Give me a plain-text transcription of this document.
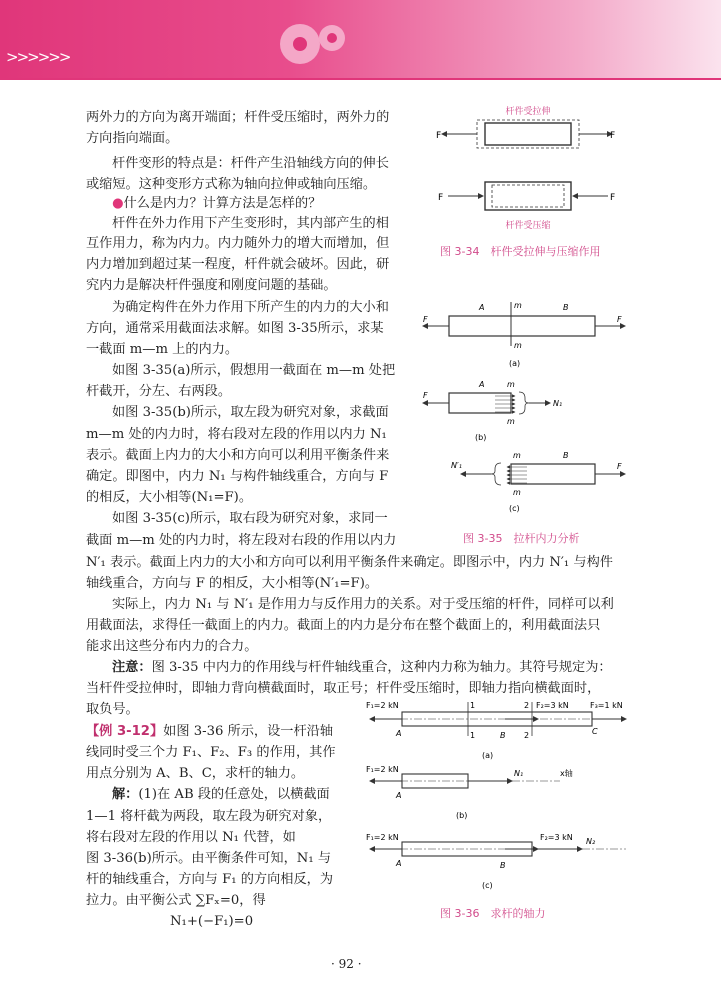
>>>>>>
两外力的方向为离开端面；杆件受压缩时，两外力的
方向指向端面。
杆件变形的特点是：杆件产生沿轴线方向的伸长
或缩短。这种变形方式称为轴向拉伸或轴向压缩。
●什么是内力？计算方法是怎样的？
杆件在外力作用下产生变形时，其内部产生的相
互作用力，称为内力。内力随外力的增大而增加，但
内力增加到超过某一程度，杆件就会破坏。因此，研
究内力是解决杆件强度和刚度问题的基础。
为确定构件在外力作用下所产生的内力的大小和
方向，通常采用截面法求解。如图 3-35所示，求某
一截面 m—m 上的内力。
如图 3-35(a)所示，假想用一截面在 m—m 处把
杆截开，分左、右两段。
如图 3-35(b)所示，取左段为研究对象，求截面
m—m 处的内力时，将右段对左段的作用以内力 N₁
表示。截面上内力的大小和方向可以利用平衡条件来
确定。即图中，内力 N₁ 与构件轴线重合，方向与 F
的相反，大小相等(N₁=F)。
如图 3-35(c)所示，取右段为研究对象，求同一
截面 m—m 处的内力时，将左段对右段的作用以内力
N′₁ 表示。截面上内力的大小和方向可以利用平衡条件来确定。即图示中，内力 N′₁ 与构件
轴线重合，方向与 F 的相反，大小相等(N′₁=F)。
实际上，内力 N₁ 与 N′₁ 是作用力与反作用力的关系。对于受压缩的杆件，同样可以利
用截面法，求得任一截面上的内力。截面上的内力是分布在整个截面上的，利用截面法只
能求出这些分布内力的合力。
注意：图 3-35 中内力的作用线与杆件轴线重合，这种内力称为轴力。其符号规定为：
当杆件受拉伸时，即轴力背向横截面时，取正号；杆件受压缩时，即轴力指向横截面时，
取负号。
【例 3-12】如图 3-36 所示，设一杆沿轴
线同时受三个力 F₁、F₂、F₃ 的作用，其作
用点分别为 A、B、C，求杆的轴力。
解：(1)在 AB 段的任意处，以横截面
1—1 将杆截为两段，取左段为研究对象，
将右段对左段的作用以 N₁ 代替，如
图 3-36(b)所示。由平衡条件可知，N₁ 与
杆的轴线重合，方向与 F₁ 的方向相反，为
拉力。由平衡公式 ∑Fₓ=0，得
N₁+(−F₁)=0
杆件受拉伸
F	F
F	F
杆件受压缩
图 3-34　杆件受拉伸与压缩作用
F	F
A	B
m
m
(a)
F
A	m
m
N₁
(b)
N′₁	F
B
m
m
(c)
图 3-35　拉杆内力分析
F₁=2 kN	F₂=3 kN	F₃=1 kN
1
1
2
2
A	B	C
(a)
F₁=2 kN	N₁	x轴
A
(b)
F₁=2 kN	F₂=3 kN N₂
A	B
(c)
图 3-36　求杆的轴力
· 92 ·
